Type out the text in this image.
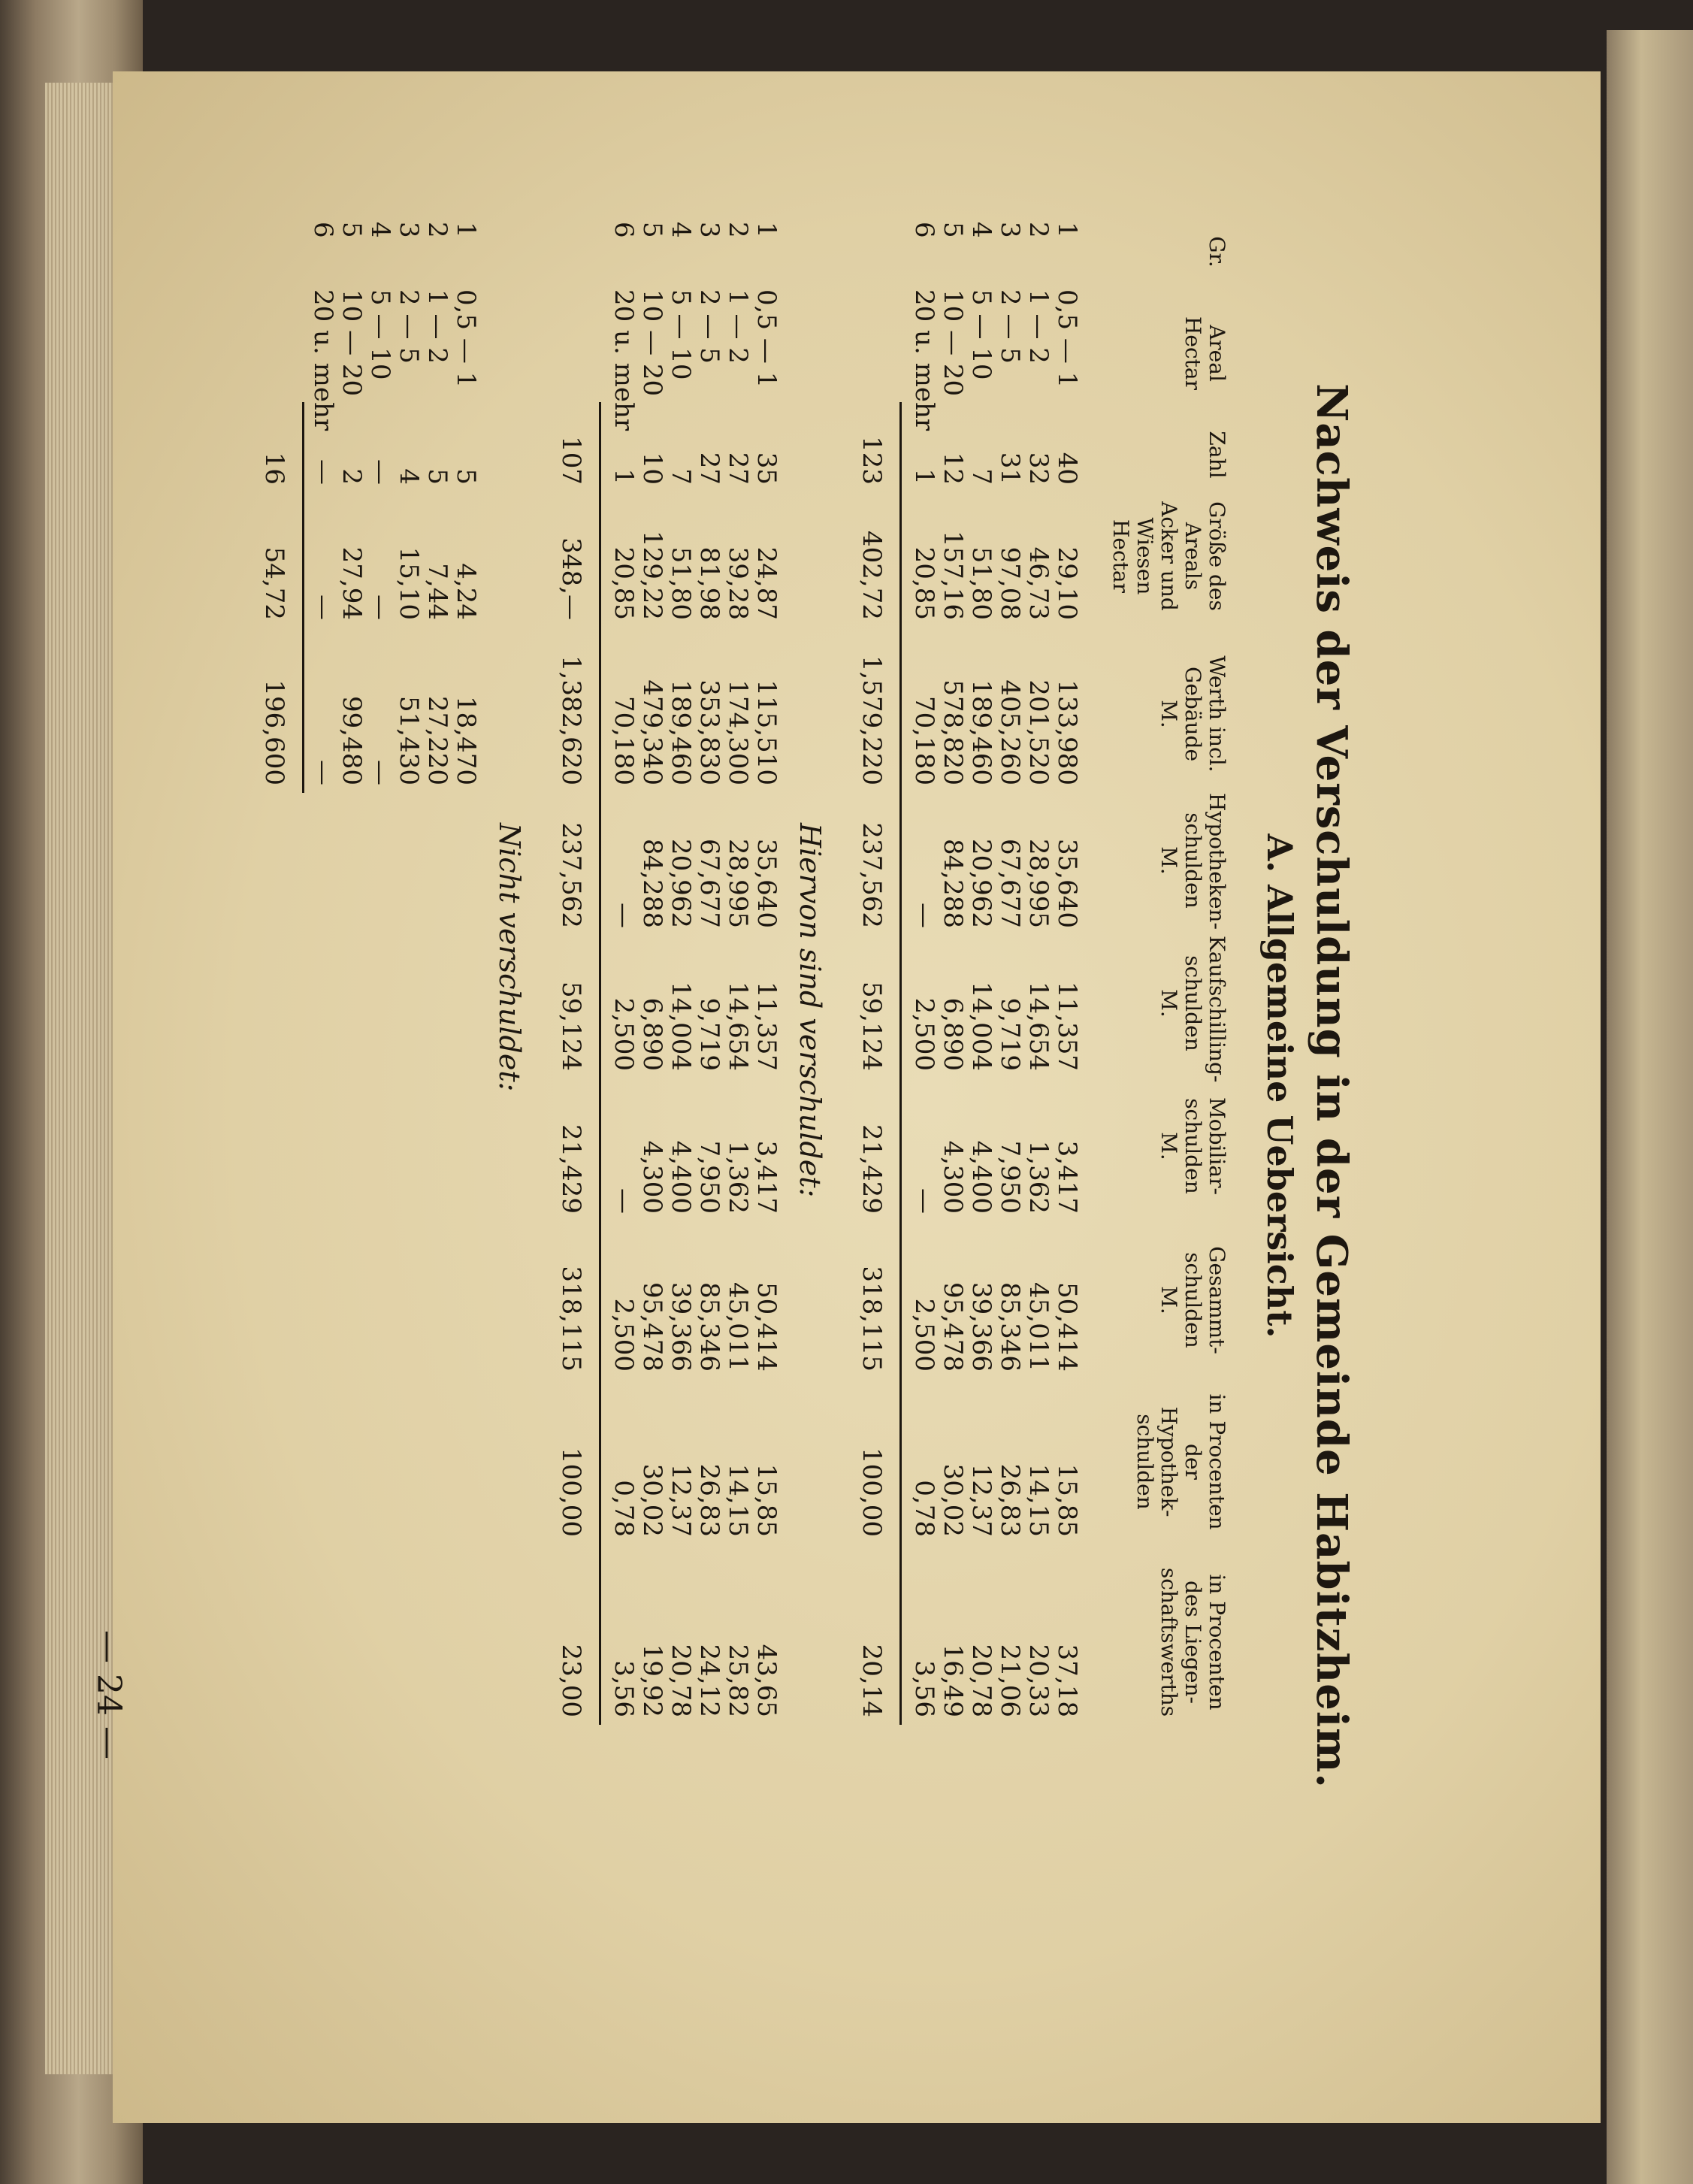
Nachweis der Verschuldung in der Gemeinde Habitzheim.
A. Allgemeine Uebersicht.
— 24 —
Gr.
Areal
Hectar
Zahl
Größe des
Areals
Acker und
Wiesen
Hectar
Werth incl.
Gebäude
M.
Hypotheken-
schulden
M.
Kaufschilling-
schulden
M.
Mobiliar-
schulden
M.
Gesammt-
schulden
M.
in Procenten
der Hypothek-
schulden
in Procenten
des Liegen-
schaftswerths
1
0,5 — 1
40
29,10
133,980
35,640
11,357
3,417
50,414
15,85
37,18
2
1 — 2
32
46,73
201,520
28,995
14,654
1,362
45,011
14,15
20,33
3
2 — 5
31
97,08
405,260
67,677
9,719
7,950
85,346
26,83
21,06
4
5 — 10
7
51,80
189,460
20,962
14,004
4,400
39,366
12,37
20,78
5
10 — 20
12
157,16
578,820
84,288
6,890
4,300
95,478
30,02
16,49
6
20 u. mehr
1
20,85
70,180
—
2,500
—
2,500
0,78
3,56
123
402,72
1,579,220
237,562
59,124
21,429
318,115
100,00
20,14
Hiervon sind verschuldet:
1
0,5 — 1
35
24,87
115,510
35,640
11,357
3,417
50,414
15,85
43,65
2
1 — 2
27
39,28
174,300
28,995
14,654
1,362
45,011
14,15
25,82
3
2 — 5
27
81,98
353,830
67,677
9,719
7,950
85,346
26,83
24,12
4
5 — 10
7
51,80
189,460
20,962
14,004
4,400
39,366
12,37
20,78
5
10 — 20
10
129,22
479,340
84,288
6,890
4,300
95,478
30,02
19,92
6
20 u. mehr
1
20,85
70,180
—
2,500
—
2,500
0,78
3,56
107
348,—
1,382,620
237,562
59,124
21,429
318,115
100,00
23,00
Nicht verschuldet:
1
0,5 — 1
5
4,24
18,470
2
1 — 2
5
7,44
27,220
3
2 — 5
4
15,10
51,430
4
5 — 10
—
—
—
5
10 — 20
2
27,94
99,480
6
20 u. mehr
—
—
—
16
54,72
196,600
